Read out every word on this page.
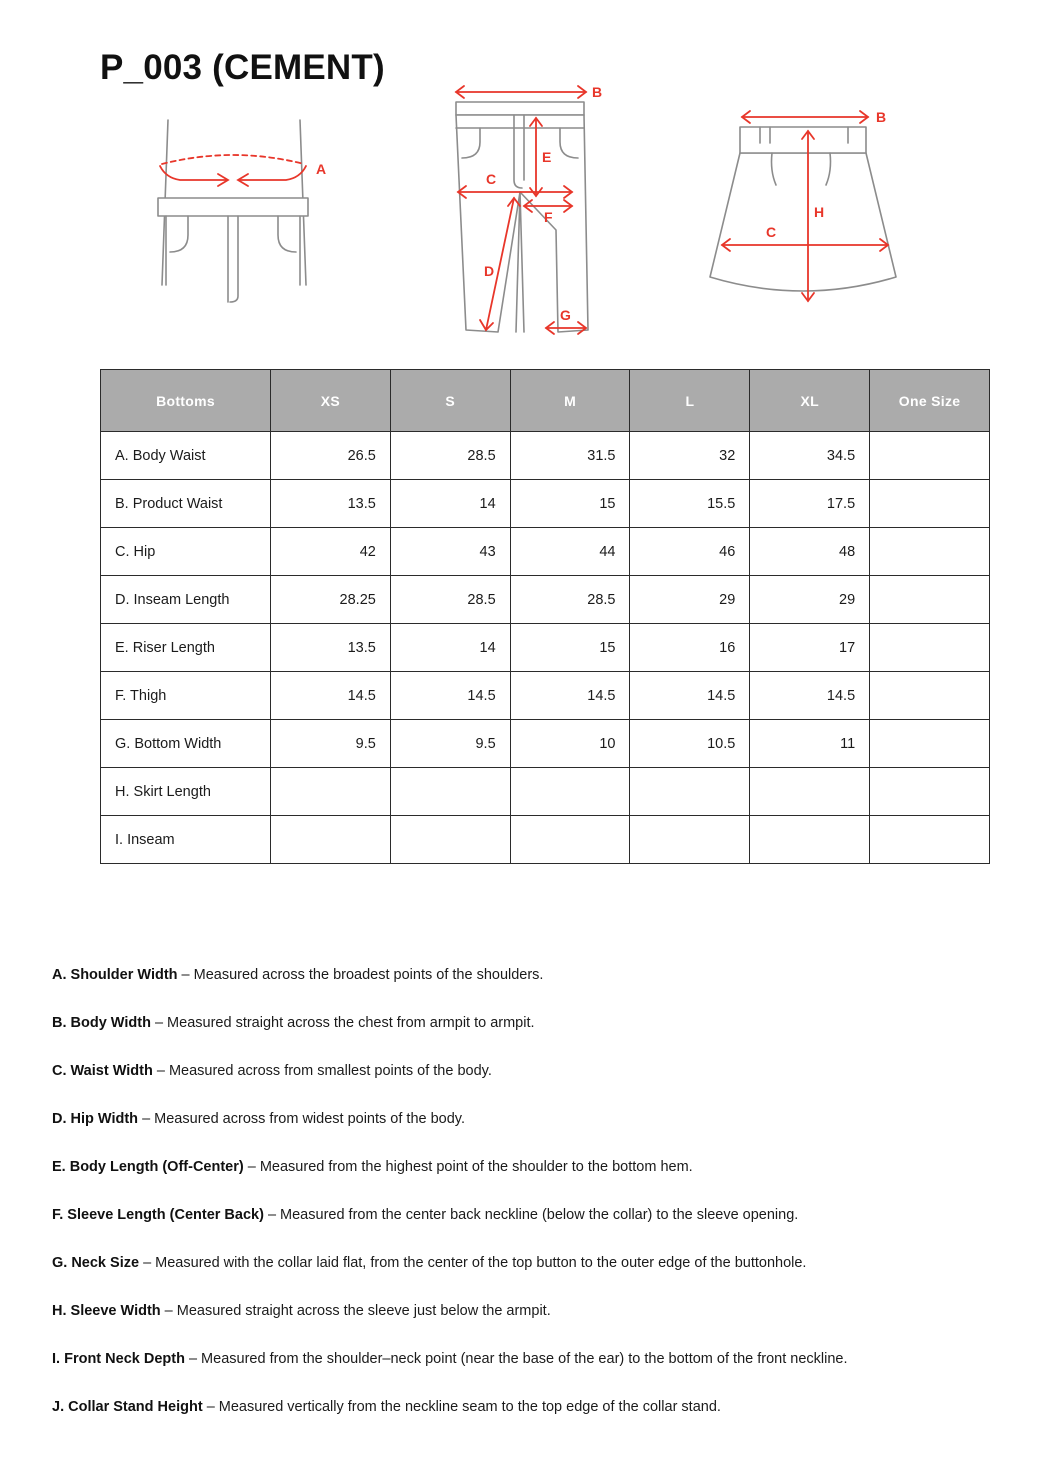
P_003 (CEMENT)
A
B
C
E
F
D
G
B
C
H
Bottoms	XS	S	M	L	XL	One Size
A. Body Waist	26.5	28.5	31.5	32	34.5	
B. Product Waist	13.5	14	15	15.5	17.5	
C. Hip	42	43	44	46	48	
D. Inseam Length	28.25	28.5	28.5	29	29	
E. Riser Length	13.5	14	15	16	17	
F. Thigh	14.5	14.5	14.5	14.5	14.5	
G. Bottom Width	9.5	9.5	10	10.5	11	
H. Skirt Length						
I. Inseam						

A. Shoulder Width – Measured across the broadest points of the shoulders.

B. Body Width – Measured straight across the chest from armpit to armpit.

C. Waist Width – Measured across from smallest points of the body.

D. Hip Width – Measured across from widest points of the body.

E. Body Length (Off-Center) – Measured from the highest point of the shoulder to the bottom hem.

F. Sleeve Length (Center Back) – Measured from the center back neckline (below the collar) to the sleeve opening.

G. Neck Size – Measured with the collar laid flat, from the center of the top button to the outer edge of the buttonhole.

H. Sleeve Width – Measured straight across the sleeve just below the armpit.

I. Front Neck Depth – Measured from the shoulder–neck point (near the base of the ear) to the bottom of the front neckline.

J. Collar Stand Height – Measured vertically from the neckline seam to the top edge of the collar stand.
